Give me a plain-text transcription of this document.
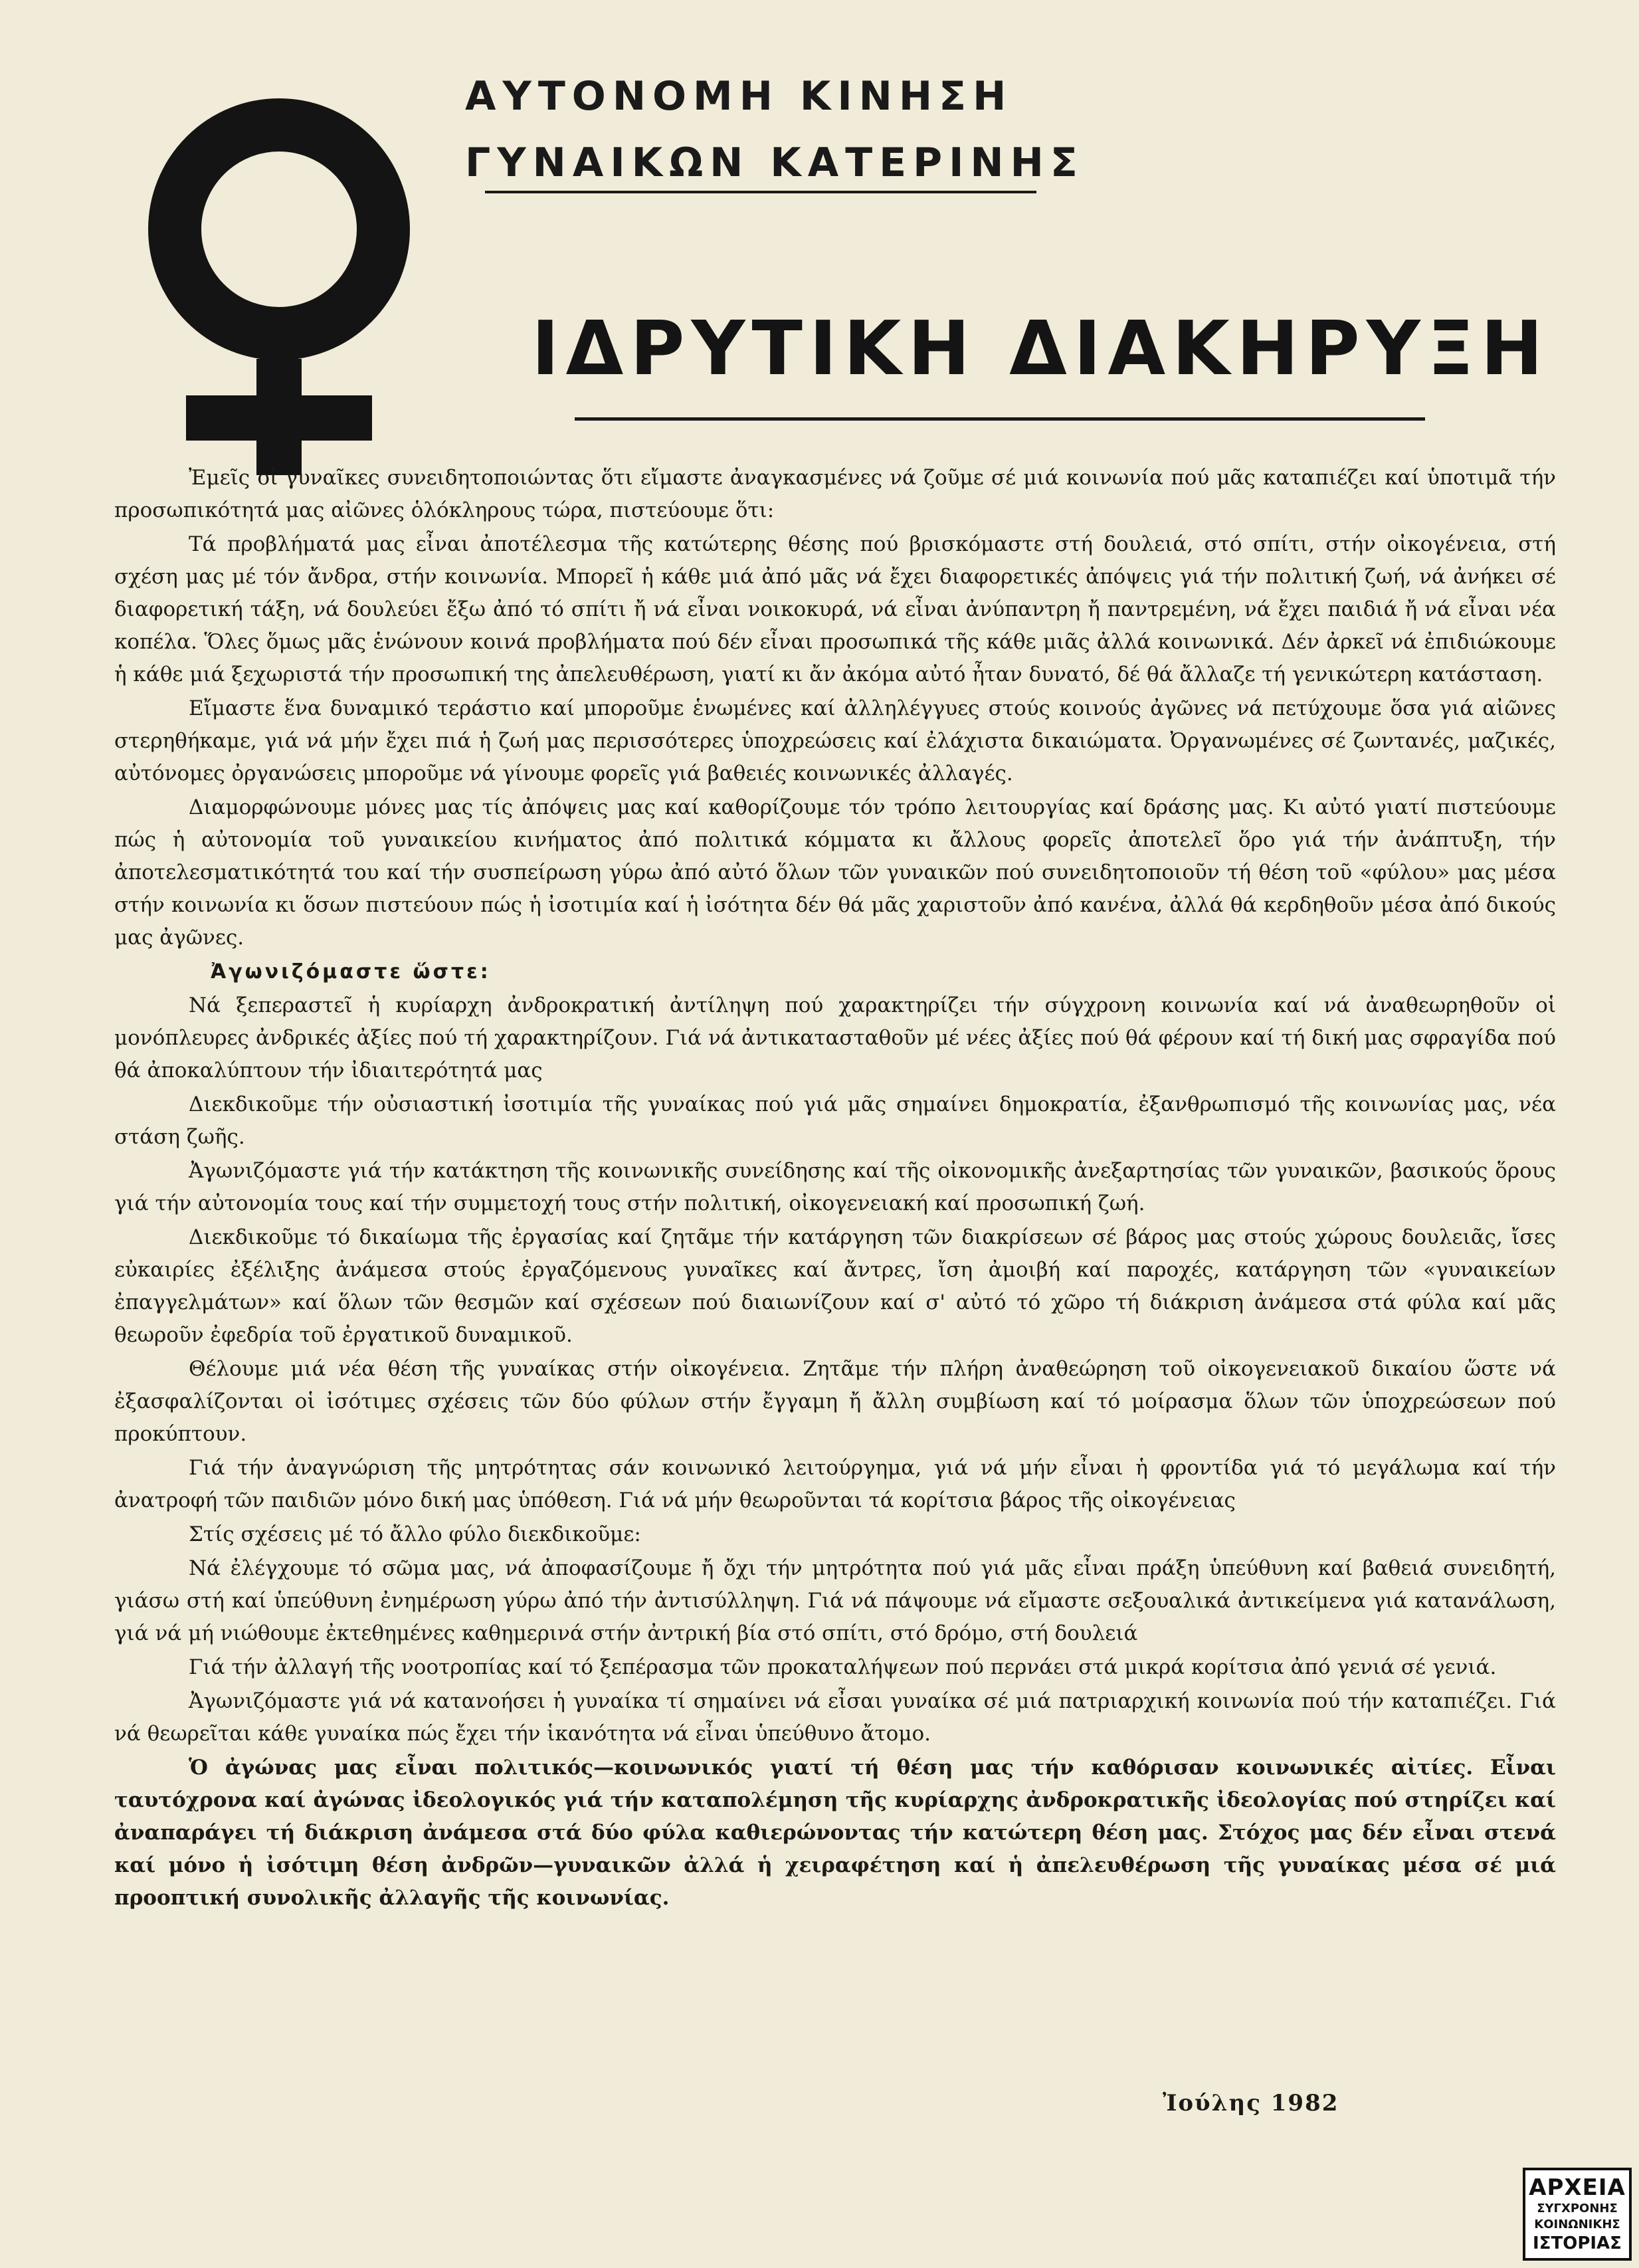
ΑΥΤΟΝΟΜΗ ΚΙΝΗΣΗ
ΓΥΝΑΙΚΩΝ ΚΑΤΕΡΙΝΗΣ
ΙΔΡΥΤΙΚΗ ΔΙΑΚΗΡΥΞΗ

Ἐμεῖς οἱ γυναῖκες συνειδητοποιώντας ὅτι εἴμαστε ἀναγκασμένες νά ζοῦμε σέ μιά κοινωνία πού μᾶς καταπιέζει καί ὑποτιμᾶ τήν προσωπικότητά μας αἰῶνες ὁλόκληρους τώρα, πιστεύουμε ὅτι:

Τά προβλήματά μας εἶναι ἀποτέλεσμα τῆς κατώτερης θέσης πού βρισκόμαστε στή δουλειά, στό σπίτι, στήν οἰκογένεια, στή σχέση μας μέ τόν ἄνδρα, στήν κοινωνία. Μπορεῖ ἡ κάθε μιά ἀπό μᾶς νά ἔχει διαφορετικές ἀπόψεις γιά τήν πολιτική ζωή, νά ἀνήκει σέ διαφορετική τάξη, νά δουλεύει ἔξω ἀπό τό σπίτι ἤ νά εἶναι νοικοκυρά, νά εἶναι ἀνύπαντρη ἤ παντρεμένη, νά ἔχει παιδιά ἤ νά εἶναι νέα κοπέλα. Ὅλες ὅμως μᾶς ἑνώνουν κοινά προβλήματα πού δέν εἶναι προσωπικά τῆς κάθε μιᾶς ἀλλά κοινωνικά. Δέν ἀρκεῖ νά ἐπιδιώκουμε ἡ κάθε μιά ξεχωριστά τήν προσωπική της ἀπελευθέρωση, γιατί κι ἄν ἀκόμα αὐτό ἦταν δυνατό, δέ θά ἄλλαζε τή γενικώτερη κατάσταση.

Εἴμαστε ἕνα δυναμικό τεράστιο καί μποροῦμε ἑνωμένες καί ἀλληλέγγυες στούς κοινούς ἀγῶνες νά πετύχουμε ὅσα γιά αἰῶνες στερηθήκαμε, γιά νά μήν ἔχει πιά ἡ ζωή μας περισσότερες ὑποχρεώσεις καί ἐλάχιστα δικαιώματα. Ὀργανωμένες σέ ζωντανές, μαζικές, αὐτόνομες ὀργανώσεις μποροῦμε νά γίνουμε φορεῖς γιά βαθειές κοινωνικές ἀλλαγές.

Διαμορφώνουμε μόνες μας τίς ἀπόψεις μας καί καθορίζουμε τόν τρόπο λειτουργίας καί δράσης μας. Κι αὐτό γιατί πιστεύουμε πώς ἡ αὐτονομία τοῦ γυναικείου κινήματος ἀπό πολιτικά κόμματα κι ἄλλους φορεῖς ἀποτελεῖ ὅρο γιά τήν ἀνάπτυξη, τήν ἀποτελεσματικότητά του καί τήν συσπείρωση γύρω ἀπό αὐτό ὅλων τῶν γυναικῶν πού συνειδητοποιοῦν τή θέση τοῦ «φύλου» μας μέσα στήν κοινωνία κι ὅσων πιστεύουν πώς ἡ ἰσοτιμία καί ἡ ἰσότητα δέν θά μᾶς χαριστοῦν ἀπό κανένα, ἀλλά θά κερδηθοῦν μέσα ἀπό δικούς μας ἀγῶνες.

Ἀγωνιζόμαστε ὥστε:

Νά ξεπεραστεῖ ἡ κυρίαρχη ἀνδροκρατική ἀντίληψη πού χαρακτηρίζει τήν σύγχρονη κοινωνία καί νά ἀναθεωρηθοῦν οἱ μονόπλευρες ἀνδρικές ἀξίες πού τή χαρακτηρίζουν. Γιά νά ἀντικατασταθοῦν μέ νέες ἀξίες πού θά φέρουν καί τή δική μας σφραγίδα πού θά ἀποκαλύπτουν τήν ἰδιαιτερότητά μας

Διεκδικοῦμε τήν οὐσιαστική ἰσοτιμία τῆς γυναίκας πού γιά μᾶς σημαίνει δημοκρατία, ἐξανθρωπισμό τῆς κοινωνίας μας, νέα στάση ζωῆς.

Ἀγωνιζόμαστε γιά τήν κατάκτηση τῆς κοινωνικῆς συνείδησης καί τῆς οἰκονομικῆς ἀνεξαρτησίας τῶν γυναικῶν, βασικούς ὅρους γιά τήν αὐτονομία τους καί τήν συμμετοχή τους στήν πολιτική, οἰκογενειακή καί προσωπική ζωή.

Διεκδικοῦμε τό δικαίωμα τῆς ἐργασίας καί ζητᾶμε τήν κατάργηση τῶν διακρίσεων σέ βάρος μας στούς χώρους δουλειᾶς, ἴσες εὐκαιρίες ἐξέλιξης ἀνάμεσα στούς ἐργαζόμενους γυναῖκες καί ἄντρες, ἴση ἀμοιβή καί παροχές, κατάργηση τῶν «γυναικείων ἐπαγγελμάτων» καί ὅλων τῶν θεσμῶν καί σχέσεων πού διαιωνίζουν καί σ' αὐτό τό χῶρο τή διάκριση ἀνάμεσα στά φύλα καί μᾶς θεωροῦν ἐφεδρία τοῦ ἐργατικοῦ δυναμικοῦ.

Θέλουμε μιά νέα θέση τῆς γυναίκας στήν οἰκογένεια. Ζητᾶμε τήν πλήρη ἀναθεώρηση τοῦ οἰκογενειακοῦ δικαίου ὥστε νά ἐξασφαλίζονται οἱ ἰσότιμες σχέσεις τῶν δύο φύλων στήν ἔγγαμη ἤ ἄλλη συμβίωση καί τό μοίρασμα ὅλων τῶν ὑποχρεώσεων πού προκύπτουν.

Γιά τήν ἀναγνώριση τῆς μητρότητας σάν κοινωνικό λειτούργημα, γιά νά μήν εἶναι ἡ φροντίδα γιά τό μεγάλωμα καί τήν ἀνατροφή τῶν παιδιῶν μόνο δική μας ὑπόθεση. Γιά νά μήν θεωροῦνται τά κορίτσια βάρος τῆς οἰκογένειας

Στίς σχέσεις μέ τό ἄλλο φύλο διεκδικοῦμε:

Νά ἐλέγχουμε τό σῶμα μας, νά ἀποφασίζουμε ἤ ὄχι τήν μητρότητα πού γιά μᾶς εἶναι πράξη ὑπεύθυνη καί βαθειά συνειδητή, γιάσω στή καί ὑπεύθυνη ἐνημέρωση γύρω ἀπό τήν ἀντισύλληψη. Γιά νά πάψουμε νά εἴμαστε σεξουαλικά ἀντικείμενα γιά κατανάλωση, γιά νά μή νιώθουμε ἐκτεθημένες καθημερινά στήν ἀντρική βία στό σπίτι, στό δρόμο, στή δουλειά

Γιά τήν ἀλλαγή τῆς νοοτροπίας καί τό ξεπέρασμα τῶν προκαταλήψεων πού περνάει στά μικρά κορίτσια ἀπό γενιά σέ γενιά.

Ἀγωνιζόμαστε γιά νά κατανοήσει ἡ γυναίκα τί σημαίνει νά εἶσαι γυναίκα σέ μιά πατριαρχική κοινωνία πού τήν καταπιέζει. Γιά νά θεωρεῖται κάθε γυναίκα πώς ἔχει τήν ἱκανότητα νά εἶναι ὑπεύθυνο ἄτομο.

Ὁ ἀγώνας μας εἶναι πολιτικός—κοινωνικός γιατί τή θέση μας τήν καθόρισαν κοινωνικές αἰτίες. Εἶναι ταυτόχρονα καί ἀγώνας ἰδεολογικός γιά τήν καταπολέμηση τῆς κυρίαρχης ἀνδροκρατικῆς ἰδεολογίας πού στηρίζει καί ἀναπαράγει τή διάκριση ἀνάμεσα στά δύο φύλα καθιερώνοντας τήν κατώτερη θέση μας. Στόχος μας δέν εἶναι στενά καί μόνο ἡ ἰσότιμη θέση ἀνδρῶν—γυναικῶν ἀλλά ἡ χειραφέτηση καί ἡ ἀπελευθέρωση τῆς γυναίκας μέσα σέ μιά προοπτική συνολικῆς ἀλλαγῆς τῆς κοινωνίας.

Ἰούλης 1982
ΑΡΧΕΙΑ
ΣΥΓΧΡΟΝΗΣ
ΚΟΙΝΩΝΙΚΗΣ
ΙΣΤΟΡΙΑΣ
